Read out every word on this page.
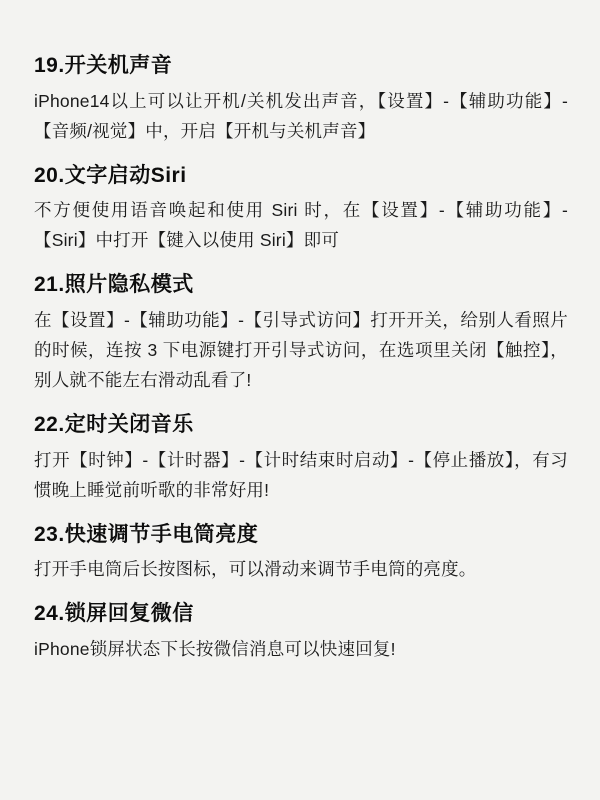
19.开关机声音

iPhone14以上可以让开机/关机发出声音，【设置】-【辅助功能】-【音频/视觉】中，开启【开机与关机声音】

20.文字启动Siri

不方便使用语音唤起和使用 Siri 时，在【设置】-【辅助功能】-【Siri】中打开【键入以使用 Siri】即可

21.照片隐私模式

在【设置】-【辅助功能】-【引导式访问】打开开关，给别人看照片的时候，连按 3 下电源键打开引导式访问，在选项里关闭【触控】，别人就不能左右滑动乱看了!

22.定时关闭音乐

打开【时钟】-【计时器】-【计时结束时启动】-【停止播放】，有习惯晚上睡觉前听歌的非常好用!

23.快速调节手电筒亮度

打开手电筒后长按图标，可以滑动来调节手电筒的亮度。

24.锁屏回复微信

iPhone锁屏状态下长按微信消息可以快速回复!
